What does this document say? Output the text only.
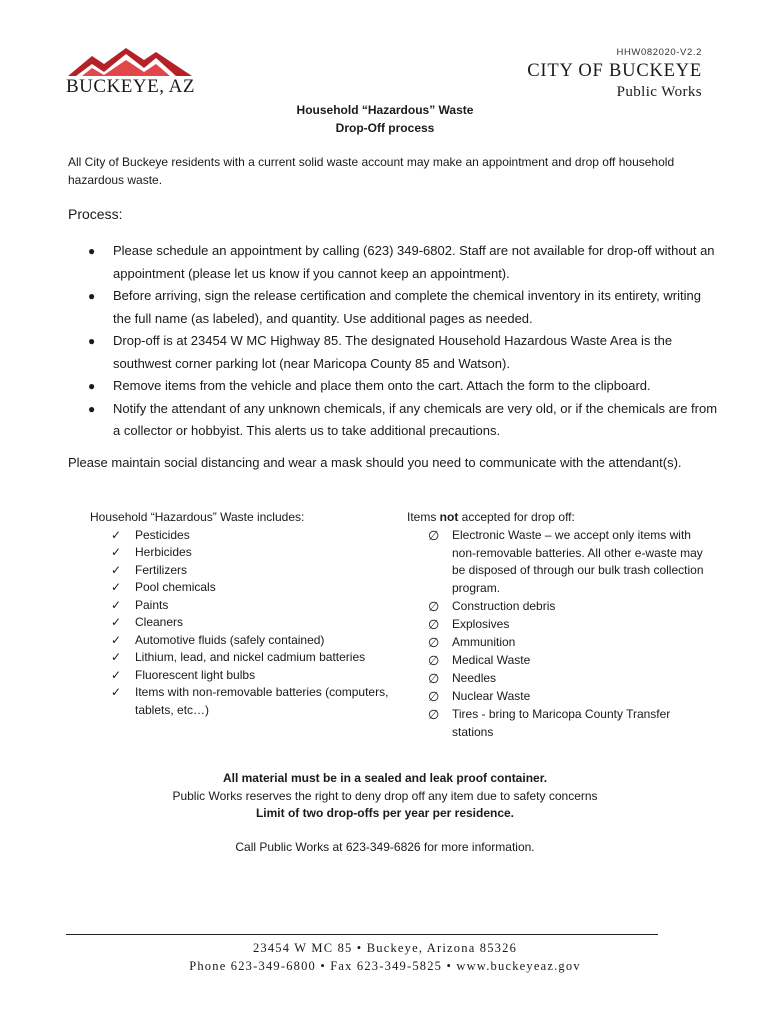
BUCKEYE, AZ
HHW082020-V2.2
CITY OF BUCKEYE
Public Works
Household “Hazardous” Waste
Drop-Off process
All City of Buckeye residents with a current solid waste account may make an appointment and drop off household hazardous waste.
Process:
● Please schedule an appointment by calling (623) 349-6802. Staff are not available for drop-off without an appointment (please let us know if you cannot keep an appointment).
● Before arriving, sign the release certification and complete the chemical inventory in its entirety, writing the full name (as labeled), and quantity. Use additional pages as needed.
● Drop-off is at 23454 W MC Highway 85. The designated Household Hazardous Waste Area is the southwest corner parking lot (near Maricopa County 85 and Watson).
● Remove items from the vehicle and place them onto the cart. Attach the form to the clipboard.
● Notify the attendant of any unknown chemicals, if any chemicals are very old, or if the chemicals are from a collector or hobbyist. This alerts us to take additional precautions.
Please maintain social distancing and wear a mask should you need to communicate with the attendant(s).
Household “Hazardous” Waste includes:
✓ Pesticides
✓ Herbicides
✓ Fertilizers
✓ Pool chemicals
✓ Paints
✓ Cleaners
✓ Automotive fluids (safely contained)
✓ Lithium, lead, and nickel cadmium batteries
✓ Fluorescent light bulbs
✓ Items with non-removable batteries (computers, tablets, etc…)
Items not accepted for drop off:
∅ Electronic Waste – we accept only items with non-removable batteries. All other e-waste may be disposed of through our bulk trash collection program.
∅ Construction debris
∅ Explosives
∅ Ammunition
∅ Medical Waste
∅ Needles
∅ Nuclear Waste
∅ Tires - bring to Maricopa County Transfer stations
All material must be in a sealed and leak proof container.
Public Works reserves the right to deny drop off any item due to safety concerns
Limit of two drop-offs per year per residence.
Call Public Works at 623-349-6826 for more information.
23454 W MC 85 • Buckeye, Arizona 85326
Phone 623-349-6800 • Fax 623-349-5825 • www.buckeyeaz.gov
